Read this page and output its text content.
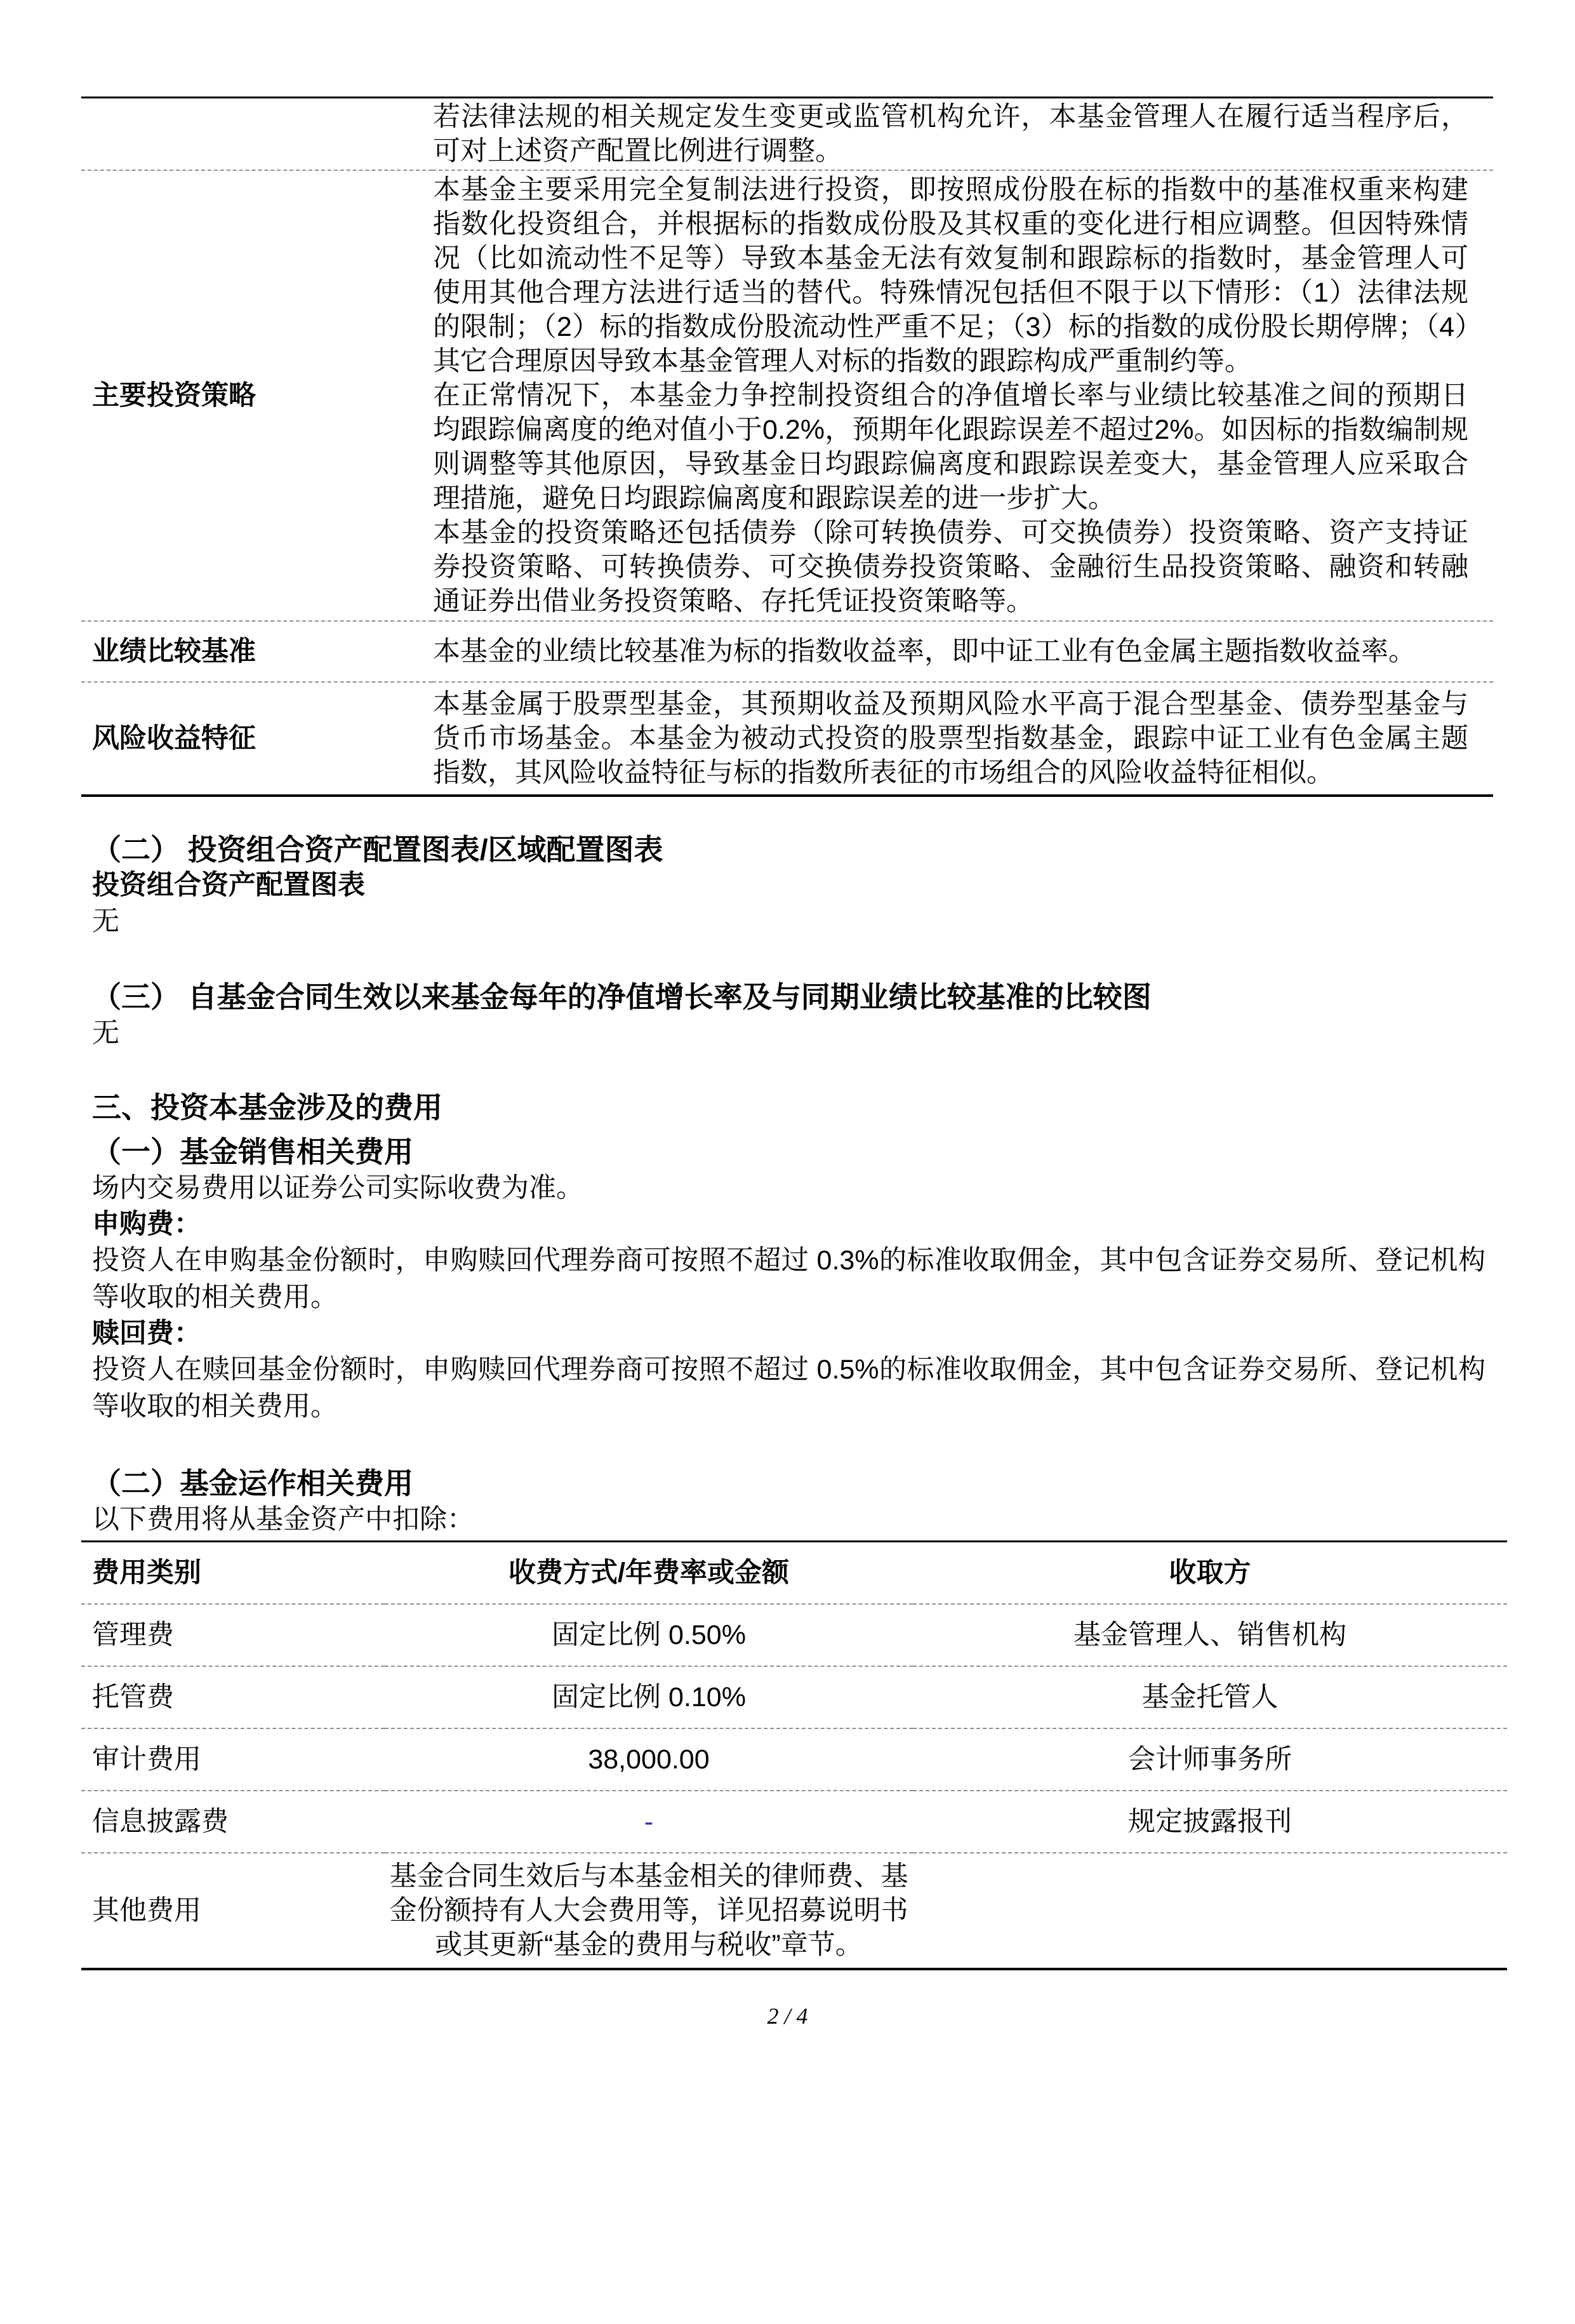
	若法律法规的相关规定发生变更或监管机构允许，本基金管理人在履行适当程序后，可对上述资产配置比例进行调整。

主要投资策略	本基金主要采用完全复制法进行投资，即按照成份股在标的指数中的基准权重来构建指数化投资组合，并根据标的指数成份股及其权重的变化进行相应调整。但因特殊情况（比如流动性不足等）导致本基金无法有效复制和跟踪标的指数时，基金管理人可使用其他合理方法进行适当的替代。特殊情况包括但不限于以下情形：（1）法律法规的限制；（2）标的指数成份股流动性严重不足；（3）标的指数的成份股长期停牌；（4）其它合理原因导致本基金管理人对标的指数的跟踪构成严重制约等。

在正常情况下，本基金力争控制投资组合的净值增长率与业绩比较基准之间的预期日均跟踪偏离度的绝对值小于0.2%，预期年化跟踪误差不超过2%。如因标的指数编制规则调整等其他原因，导致基金日均跟踪偏离度和跟踪误差变大，基金管理人应采取合理措施，避免日均跟踪偏离度和跟踪误差的进一步扩大。

本基金的投资策略还包括债券（除可转换债券、可交换债券）投资策略、资产支持证券投资策略、可转换债券、可交换债券投资策略、金融衍生品投资策略、融资和转融通证券出借业务投资策略、存托凭证投资策略等。

业绩比较基准	本基金的业绩比较基准为标的指数收益率，即中证工业有色金属主题指数收益率。

风险收益特征	本基金属于股票型基金，其预期收益及预期风险水平高于混合型基金、债券型基金与货币市场基金。本基金为被动式投资的股票型指数基金，跟踪中证工业有色金属主题指数，其风险收益特征与标的指数所表征的市场组合的风险收益特征相似。

（二） 投资组合资产配置图表/区域配置图表
投资组合资产配置图表
无
（三） 自基金合同生效以来基金每年的净值增长率及与同期业绩比较基准的比较图
无
三、投资本基金涉及的费用
（一）基金销售相关费用
场内交易费用以证券公司实际收费为准。
申购费：
投资人在申购基金份额时，申购赎回代理券商可按照不超过 0.3%的标准收取佣金，其中包含证券交易所、登记机构等收取的相关费用。
赎回费：
投资人在赎回基金份额时，申购赎回代理券商可按照不超过 0.5%的标准收取佣金，其中包含证券交易所、登记机构等收取的相关费用。
（二）基金运作相关费用
以下费用将从基金资产中扣除：
费用类别	收费方式/年费率或金额	收取方
管理费	固定比例 0.50%	基金管理人、销售机构
托管费	固定比例 0.10%	基金托管人
审计费用	38,000.00	会计师事务所
信息披露费	-	规定披露报刊
其他费用	基金合同生效后与本基金相关的律师费、基金份额持有人大会费用等，详见招募说明书或其更新“基金的费用与税收”章节。	
2 / 4
